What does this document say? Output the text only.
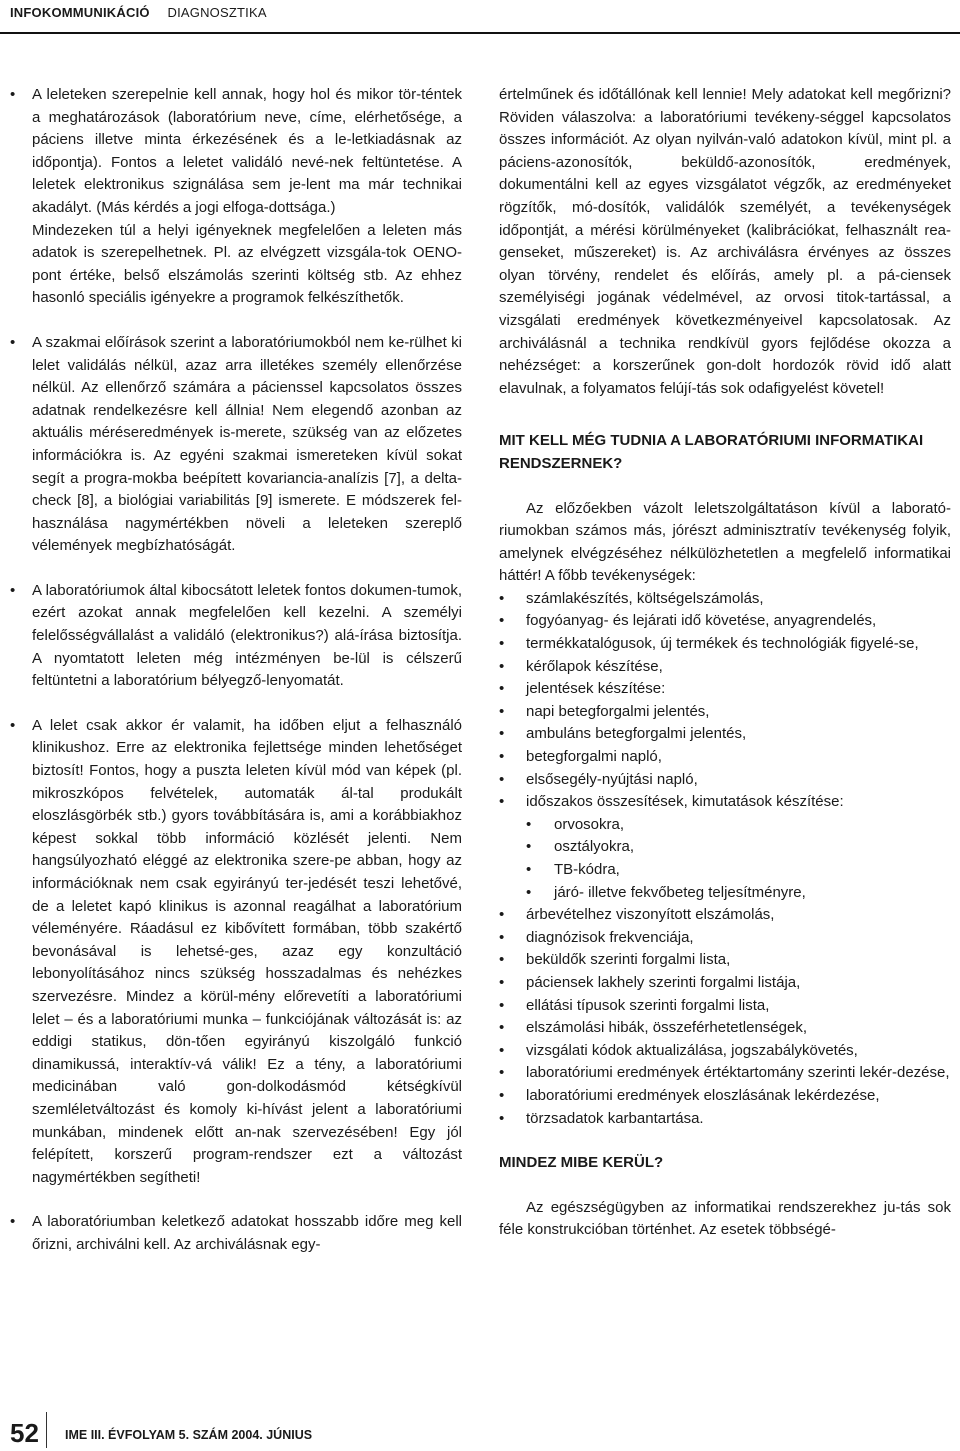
INFOKOMMUNIKÁCIÓ DIAGNOSZTIKA
• A leleteken szerepelnie kell annak, hogy hol és mikor tör-téntek a meghatározások (laboratórium neve, címe, elérhetősége, a páciens illetve minta érkezésének és a le-letkiadásnak az időpontja). Fontos a leletet validáló nevé-nek feltüntetése. A leletek elektronikus szignálása sem je-lent ma már technikai akadályt. (Más kérdés a jogi elfoga-dottsága.)
Mindezeken túl a helyi igényeknek megfelelően a leleten más adatok is szerepelhetnek. Pl. az elvégzett vizsgála-tok OENO-pont értéke, belső elszámolás szerinti költség stb. Az ehhez hasonló speciális igényekre a programok felkészíthetők.
• A szakmai előírások szerint a laboratóriumokból nem ke-rülhet ki lelet validálás nélkül, azaz arra illetékes személy ellenőrzése nélkül. Az ellenőrző számára a pácienssel kapcsolatos összes adatnak rendelkezésre kell állnia! Nem elegendő azonban az aktuális méréseredmények is-merete, szükség van az előzetes információkra is. Az egyéni szakmai ismereteken kívül sokat segít a progra-mokba beépített kovariancia-analízis [7], a delta-check [8], a biológiai variabilitás [9] ismerete. E módszerek fel-használása nagymértékben növeli a leleteken szereplő vélemények megbízhatóságát.
• A laboratóriumok által kibocsátott leletek fontos dokumen-tumok, ezért azokat annak megfelelően kell kezelni. A személyi felelősségvállalást a validáló (elektronikus?) alá-írása biztosítja. A nyomtatott leleten még intézményen be-lül is célszerű feltüntetni a laboratórium bélyegző-lenyomatát.
• A lelet csak akkor ér valamit, ha időben eljut a felhasználó klinikushoz. Erre az elektronika fejlettsége minden lehetőséget biztosít! Fontos, hogy a puszta leleten kívül mód van képek (pl. mikroszkópos felvételek, automaták ál-tal produkált eloszlásgörbék stb.) gyors továbbítására is, ami a korábbiakhoz képest sokkal több információ közlését jelenti. Nem hangsúlyozható eléggé az elektronika szere-pe abban, hogy az információknak nem csak egyirányú ter-jedését teszi lehetővé, de a leletet kapó klinikus is azonnal reagálhat a laboratórium véleményére. Ráadásul ez kibővített formában, több szakértő bevonásával is lehetsé-ges, azaz egy konzultáció lebonyolításához nincs szükség hosszadalmas és nehézkes szervezésre. Mindez a körül-mény előrevetíti a laboratóriumi lelet – és a laboratóriumi munka – funkciójának változását is: az eddigi statikus, dön-tően egyirányú kiszolgáló funkció dinamikussá, interaktív-vá válik! Ez a tény, a laboratóriumi medicinában való gon-dolkodásmód kétségkívül szemléletváltozást és komoly ki-hívást jelent a laboratóriumi munkában, mindenek előtt an-nak szervezésében! Egy jól felépített, korszerű program-rendszer ezt a változást nagymértékben segítheti!
• A laboratóriumban keletkező adatokat hosszabb időre meg kell őrizni, archiválni kell. Az archiválásnak egy-
értelműnek és időtállónak kell lennie! Mely adatokat kell megőrizni? Röviden válaszolva: a laboratóriumi tevékeny-séggel kapcsolatos összes információt. Az olyan nyilván-való adatokon kívül, mint pl. a páciens-azonosítók, beküldő-azonosítók, eredmények, dokumentálni kell az egyes vizsgálatot végzők, az eredményeket rögzítők, mó-dosítók, validálók személyét, a tevékenységek időpontját, a mérési körülményeket (kalibrációkat, felhasznált rea-genseket, műszereket) is. Az archiválásra érvényes az összes olyan törvény, rendelet és előírás, amely pl. a pá-ciensek személyiségi jogának védelmével, az orvosi titok-tartással, a vizsgálati eredmények következményeivel kapcsolatosak. Az archiválásnál a technika rendkívül gyors fejlődése okozza a nehézséget: a korszerűnek gon-dolt hordozók rövid idő alatt elavulnak, a folyamatos felújí-tás sok odafigyelést követel!
MIT KELL MÉG TUDNIA A LABORATÓRIUMI INFORMATIKAI RENDSZERNEK?
Az előzőekben vázolt leletszolgáltatáson kívül a laborató-riumokban számos más, jórészt adminisztratív tevékenység folyik, amelynek elvégzéséhez nélkülözhetetlen a megfelelő informatikai háttér! A főbb tevékenységek:
• számlakészítés, költségelszámolás,
• fogyóanyag- és lejárati idő követése, anyagrendelés,
• termékkatalógusok, új termékek és technológiák figyelé-se,
• kérőlapok készítése,
• jelentések készítése:
• napi betegforgalmi jelentés,
• ambuláns betegforgalmi jelentés,
• betegforgalmi napló,
• elsősegély-nyújtási napló,
• időszakos összesítések, kimutatások készítése:
• orvosokra,
• osztályokra,
• TB-kódra,
• járó- illetve fekvőbeteg teljesítményre,
• árbevételhez viszonyított elszámolás,
• diagnózisok frekvenciája,
• beküldők szerinti forgalmi lista,
• páciensek lakhely szerinti forgalmi listája,
• ellátási típusok szerinti forgalmi lista,
• elszámolási hibák, összeférhetetlenségek,
• vizsgálati kódok aktualizálása, jogszabálykövetés,
• laboratóriumi eredmények értéktartomány szerinti lekér-dezése,
• laboratóriumi eredmények eloszlásának lekérdezése,
• törzsadatok karbantartása.
MINDEZ MIBE KERÜL?
Az egészségügyben az informatikai rendszerekhez ju-tás sok féle konstrukcióban történhet. Az esetek többségé-
52 IME III. ÉVFOLYAM 5. SZÁM 2004. JÚNIUS
